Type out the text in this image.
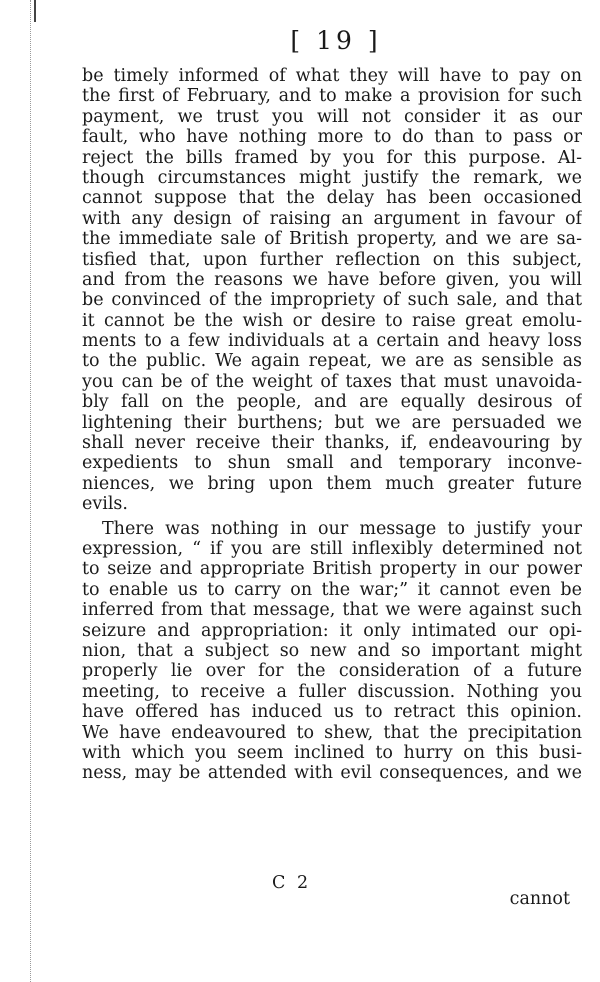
[ 19 ]
be timely informed of what they will have to pay on
the first of February, and to make a provision for such
payment, we trust you will not consider it as our
fault, who have nothing more to do than to pass or
reject the bills framed by you for this purpose. Al-
though circumstances might justify the remark, we
cannot suppose that the delay has been occasioned
with any design of raising an argument in favour of
the immediate sale of British property, and we are sa-
tisfied that, upon further reflection on this subject,
and from the reasons we have before given, you will
be convinced of the impropriety of such sale, and that
it cannot be the wish or desire to raise great emolu-
ments to a few individuals at a certain and heavy loss
to the public. We again repeat, we are as sensible as
you can be of the weight of taxes that must unavoida-
bly fall on the people, and are equally desirous of
lightening their burthens; but we are persuaded we
shall never receive their thanks, if, endeavouring by
expedients to shun small and temporary inconve-
niences, we bring upon them much greater future
evils.
There was nothing in our message to justify your
expression, “ if you are still inflexibly determined not
to seize and appropriate British property in our power
to enable us to carry on the war;” it cannot even be
inferred from that message, that we were against such
seizure and appropriation: it only intimated our opi-
nion, that a subject so new and so important might
properly lie over for the consideration of a future
meeting, to receive a fuller discussion. Nothing you
have offered has induced us to retract this opinion.
We have endeavoured to shew, that the precipitation
with which you seem inclined to hurry on this busi-
ness, may be attended with evil consequences, and we
C 2
cannot
